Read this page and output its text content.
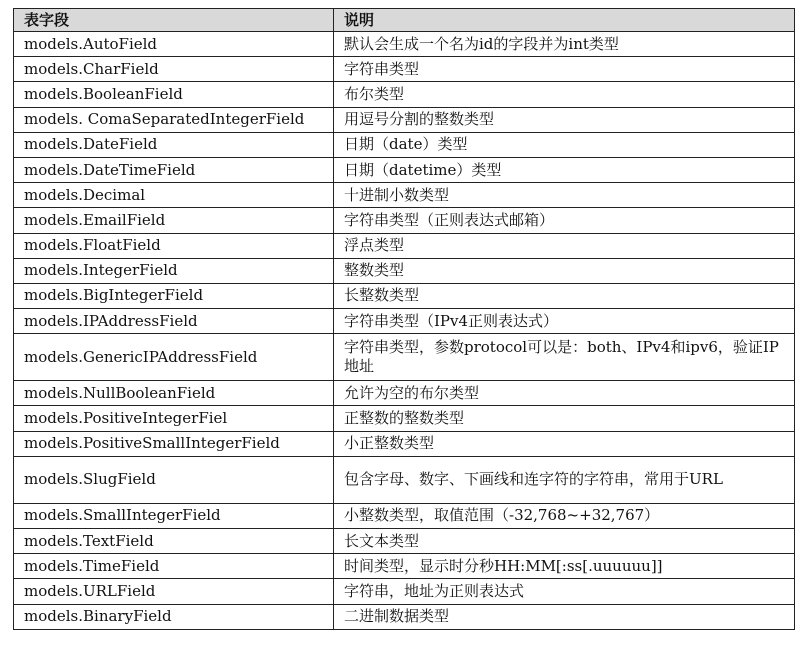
表字段	说明
models.AutoField	默认会生成一个名为id的字段并为int类型
models.CharField	字符串类型
models.BooleanField	布尔类型
models. ComaSeparatedIntegerField	用逗号分割的整数类型
models.DateField	日期（date）类型
models.DateTimeField	日期（datetime）类型
models.Decimal	十进制小数类型
models.EmailField	字符串类型（正则表达式邮箱）
models.FloatField	浮点类型
models.IntegerField	整数类型
models.BigIntegerField	长整数类型
models.IPAddressField	字符串类型（IPv4正则表达式）
models.GenericIPAddressField	字符串类型，参数protocol可以是：both、IPv4和ipv6，验证IP地址
models.NullBooleanField	允许为空的布尔类型
models.PositiveIntegerFiel	正整数的整数类型
models.PositiveSmallIntegerField	小正整数类型
models.SlugField	包含字母、数字、下画线和连字符的字符串，常用于URL
models.SmallIntegerField	小整数类型，取值范围（-32,768~+32,767）
models.TextField	长文本类型
models.TimeField	时间类型，显示时分秒HH:MM[:ss[.uuuuuu]]
models.URLField	字符串，地址为正则表达式
models.BinaryField	二进制数据类型
